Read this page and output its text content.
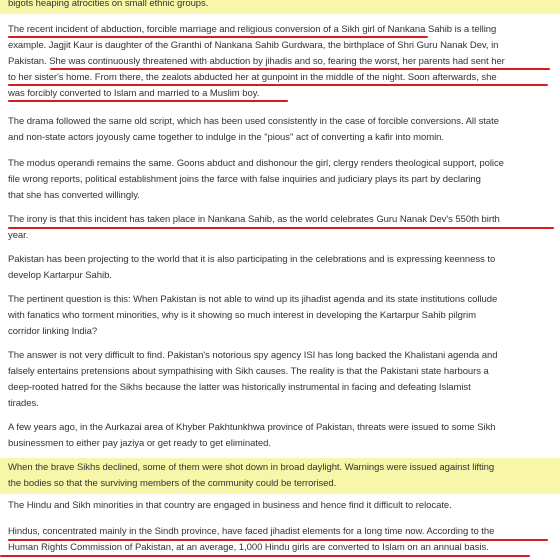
bigots heaping atrocities on small ethnic groups.
The recent incident of abduction, forcible marriage and religious conversion of a Sikh girl of Nankana Sahib is a telling
example. Jagjit Kaur is daughter of the Granthi of Nankana Sahib Gurdwara, the birthplace of Shri Guru Nanak Dev, in
Pakistan. She was continuously threatened with abduction by jihadis and so, fearing the worst, her parents had sent her
to her sister's home. From there, the zealots abducted her at gunpoint in the middle of the night. Soon afterwards, she
was forcibly converted to Islam and married to a Muslim boy.
The drama followed the same old script, which has been used consistently in the case of forcible conversions. All state
and non-state actors joyously came together to indulge in the "pious" act of converting a kafir into momin.
The modus operandi remains the same. Goons abduct and dishonour the girl, clergy renders theological support, police
file wrong reports, political establishment joins the farce with false inquiries and judiciary plays its part by declaring
that she has converted willingly.
The irony is that this incident has taken place in Nankana Sahib, as the world celebrates Guru Nanak Dev's 550th birth
year.
Pakistan has been projecting to the world that it is also participating in the celebrations and is expressing keenness to
develop Kartarpur Sahib.
The pertinent question is this: When Pakistan is not able to wind up its jihadist agenda and its state institutions collude
with fanatics who torment minorities, why is it showing so much interest in developing the Kartarpur Sahib pilgrim
corridor linking India?
The answer is not very difficult to find. Pakistan's notorious spy agency ISI has long backed the Khalistani agenda and
falsely entertains pretensions about sympathising with Sikh causes. The reality is that the Pakistani state harbours a
deep-rooted hatred for the Sikhs because the latter was historically instrumental in facing and defeating Islamist
tirades.
A few years ago, in the Aurkazai area of Khyber Pakhtunkhwa province of Pakistan, threats were issued to some Sikh
businessmen to either pay jaziya or get ready to get eliminated.
When the brave Sikhs declined, some of them were shot down in broad daylight. Warnings were issued against lifting
the bodies so that the surviving members of the community could be terrorised.
The Hindu and Sikh minorities in that country are engaged in business and hence find it difficult to relocate.
Hindus, concentrated mainly in the Sindh province, have faced jihadist elements for a long time now. According to the
Human Rights Commission of Pakistan, at an average, 1,000 Hindu girls are converted to Islam on an annual basis.
